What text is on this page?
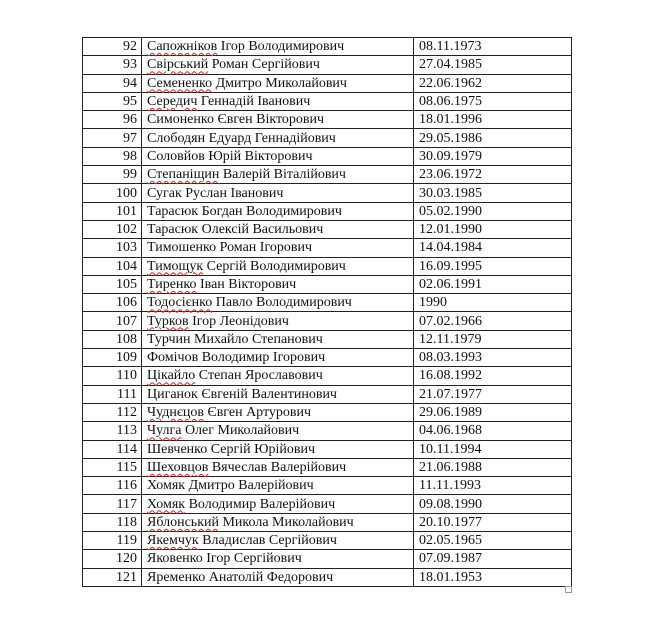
92	Сапожніков Ігор Володимирович	08.11.1973
93	Свірський Роман Сергійович	27.04.1985
94	Семененко Дмитро Миколайович	22.06.1962
95	Середич Геннадій Іванович	08.06.1975
96	Симоненко Євген Вікторович	18.01.1996
97	Слободян Едуард Геннадійович	29.05.1986
98	Соловйов Юрій Вікторович	30.09.1979
99	Степаніщин Валерій Віталійович	23.06.1972
100	Сугак Руслан Іванович	30.03.1985
101	Тарасюк Богдан Володимирович	05.02.1990
102	Тарасюк Олексій Васильович	12.01.1990
103	Тимошенко Роман Ігорович	14.04.1984
104	Тимощук Сергій Володимирович	16.09.1995
105	Тиренко Іван Вікторович	02.06.1991
106	Тодосієнко Павло Володимирович	1990
107	Турков Ігор Леонідович	07.02.1966
108	Турчин Михайло Степанович	12.11.1979
109	Фомічов Володимир Ігорович	08.03.1993
110	Цікайло Степан Ярославович	16.08.1992
111	Циганок Євгеній Валентинович	21.07.1977
112	Чуднєцов Євген Артурович	29.06.1989
113	Чулга Олег Миколайович	04.06.1968
114	Шевченко Сергій Юрійович	10.11.1994
115	Шеховцов Вячеслав Валерійович	21.06.1988
116	Хомяк Дмитро Валерійович	11.11.1993
117	Хомяк Володимир Валерійович	09.08.1990
118	Яблонський Микола Миколайович	20.10.1977
119	Якемчук Владислав Сергійович	02.05.1965
120	Яковенко Ігор Сергійович	07.09.1987
121	Яременко Анатолій Федорович	18.01.1953
